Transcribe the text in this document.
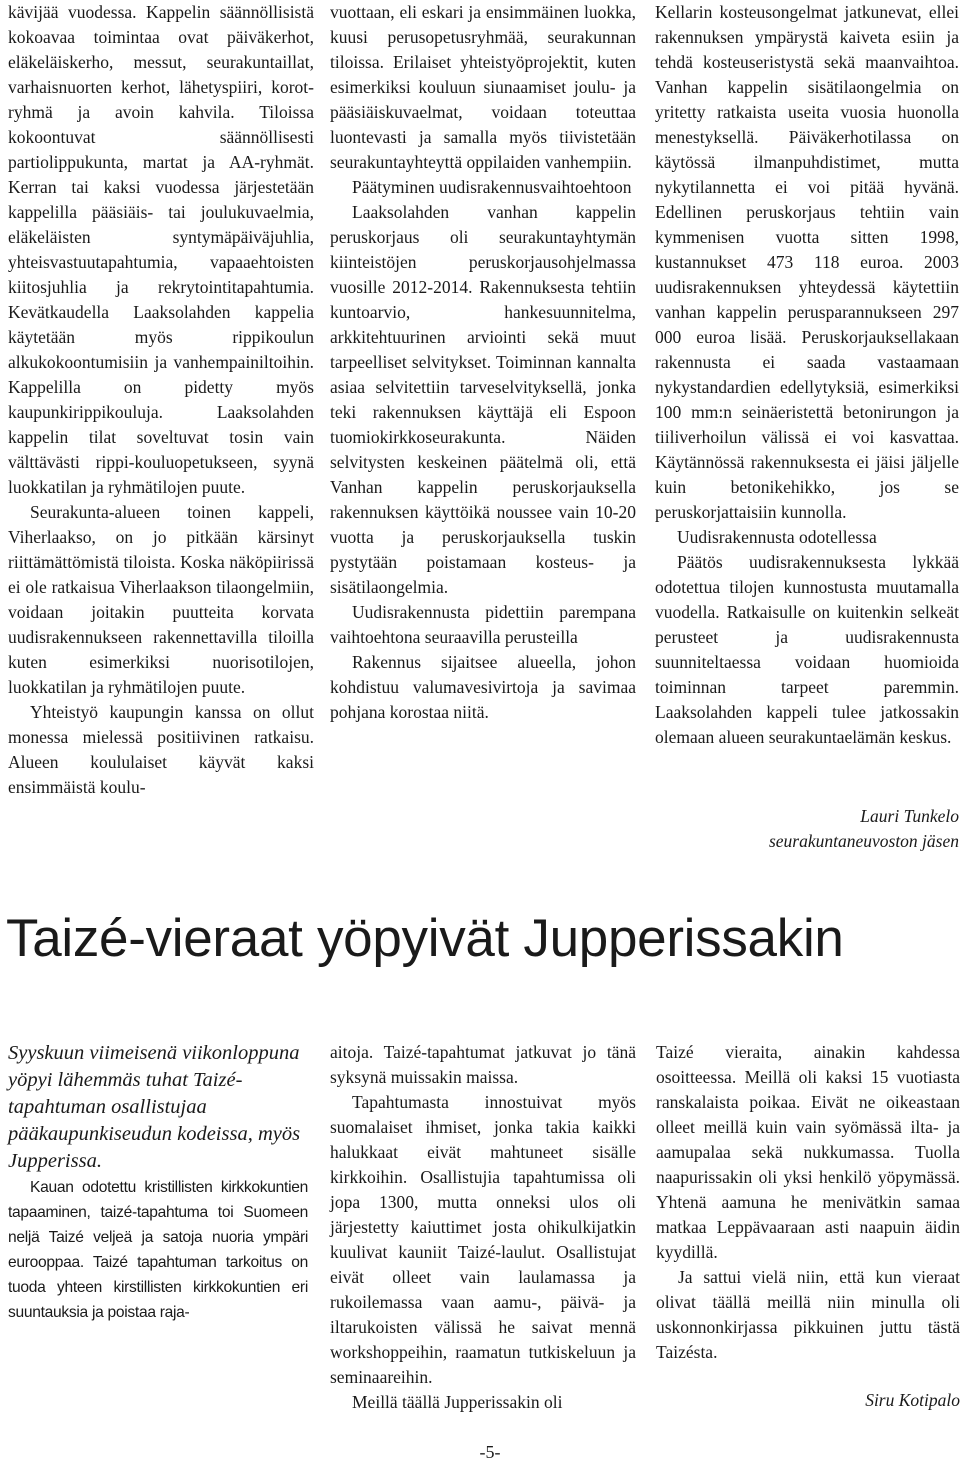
kävijää vuodessa. Kappelin säännöllisistä kokoavaa toimintaa ovat päiväkerhot, eläkeläiskerho, messut, seurakuntaillat, varhaisnuorten kerhot, lähetyspiiri, korot-ryhmä ja avoin kahvila. Tiloissa kokoontuvat säännöllisesti partiolippukunta, martat ja AA-ryhmät. Kerran tai kaksi vuodessa järjestetään kappelilla pääsiäis- tai joulukuvaelmia, eläkeläisten syntymäpäiväjuhlia, yhteisvastuutapahtumia, vapaaehtoisten kiitosjuhlia ja rekrytointitapahtumia. Kevätkaudella Laaksolahden kappelia käytetään myös rippikoulun alkukokoontumisiin ja vanhempainiltoihin. Kappelilla on pidetty myös kaupunkirippikouluja. Laaksolahden kappelin tilat soveltuvat tosin vain välttävästi rippi-kouluopetukseen, syynä luokkatilan ja ryhmätilojen puute.

Seurakunta-alueen toinen kappeli, Viherlaakso, on jo pitkään kärsinyt riittämättömistä tiloista. Koska näköpiirissä ei ole ratkaisua Viherlaakson tilaongelmiin, voidaan joitakin puutteita korvata uudisrakennukseen rakennettavilla tiloilla kuten esimerkiksi nuorisotilojen, luokkatilan ja ryhmätilojen puute.

Yhteistyö kaupungin kanssa on ollut monessa mielessä positiivinen ratkaisu. Alueen koululaiset käyvät kaksi ensimmäistä koulu-

vuottaan, eli eskari ja ensimmäinen luokka, kuusi perusopetusryhmää, seurakunnan tiloissa. Erilaiset yhteistyöprojektit, kuten esimerkiksi kouluun siunaamiset joulu- ja pääsiäiskuvaelmat, voidaan toteuttaa luontevasti ja samalla myös tiivistetään seurakuntayhteyttä oppilaiden vanhempiin.

Päätyminen uudisrakennusvaihtoehtoon

Laaksolahden vanhan kappelin peruskorjaus oli seurakuntayhtymän kiinteistöjen peruskorjausohjelmassa vuosille 2012-2014. Rakennuksesta tehtiin kuntoarvio, hankesuunnitelma, arkkitehtuurinen arviointi sekä muut tarpeelliset selvitykset. Toiminnan kannalta asiaa selvitettiin tarveselvityksellä, jonka teki rakennuksen käyttäjä eli Espoon tuomiokirkkoseurakunta. Näiden selvitysten keskeinen päätelmä oli, että Vanhan kappelin peruskorjauksella rakennuksen käyttöikä noussee vain 10-20 vuotta ja peruskorjauksella tuskin pystytään poistamaan kosteus- ja sisätilaongelmia.

Uudisrakennusta pidettiin parempana vaihtoehtona seuraavilla perusteilla

Rakennus sijaitsee alueella, johon kohdistuu valumavesivirtoja ja savimaa pohjana korostaa niitä.

Kellarin kosteusongelmat jatkunevat, ellei rakennuksen ympärystä kaiveta esiin ja tehdä kosteuseristystä sekä maanvaihtoa. Vanhan kappelin sisätilaongelmia on yritetty ratkaista useita vuosia huonolla menestyksellä. Päiväkerhotilassa on käytössä ilmanpuhdistimet, mutta nykytilannetta ei voi pitää hyvänä. Edellinen peruskorjaus tehtiin vain kymmenisen vuotta sitten 1998, kustannukset 473 118 euroa. 2003 uudisrakennuksen yhteydessä käytettiin vanhan kappelin perusparannukseen 297 000 euroa lisää. Peruskorjauksellakaan rakennusta ei saada vastaamaan nykystandardien edellytyksiä, esimerkiksi 100 mm:n seinäeristettä betonirungon ja tiiliverhoilun välissä ei voi kasvattaa. Käytännössä rakennuksesta ei jäisi jäljelle kuin betonikehikko, jos se peruskorjattaisiin kunnolla.

Uudisrakennusta odotellessa

Päätös uudisrakennuksesta lykkää odotettua tilojen kunnostusta muutamalla vuodella. Ratkaisulle on kuitenkin selkeät perusteet ja uudisrakennusta suunniteltaessa voidaan huomioida toiminnan tarpeet paremmin. Laaksolahden kappeli tulee jatkossakin olemaan alueen seurakuntaelämän keskus.

Lauri Tunkelo

seurakuntaneuvoston jäsen

Taizé-vieraat yöpyivät Jupperissakin

Syyskuun viimeisenä viikonloppuna yöpyi lähemmäs tuhat Taizé-tapahtuman osallistujaa pääkaupunkiseudun kodeissa, myös Jupperissa.

Kauan odotettu kristillisten kirkkokuntien tapaaminen, taizé-tapahtuma toi Suomeen neljä Taizé veljeä ja satoja nuoria ympäri eurooppaa. Taizé tapahtuman tarkoitus on tuoda yhteen kirstillisten kirkkokuntien eri suuntauksia ja poistaa raja-

aitoja. Taizé-tapahtumat jatkuvat jo tänä syksynä muissakin maissa.

Tapahtumasta innostuivat myös suomalaiset ihmiset, jonka takia kaikki halukkaat eivät mahtuneet sisälle kirkkoihin. Osallistujia tapahtumissa oli jopa 1300, mutta onneksi ulos oli järjestetty kaiuttimet josta ohikulkijatkin kuulivat kauniit Taizé-laulut. Osallistujat eivät olleet vain laulamassa ja rukoilemassa vaan aamu-, päivä- ja iltarukoisten välissä he saivat mennä workshoppeihin, raamatun tutkiskeluun ja seminaareihin.

Meillä täällä Jupperissakin oli

Taizé vieraita, ainakin kahdessa osoitteessa. Meillä oli kaksi 15 vuotiasta ranskalaista poikaa. Eivät ne oikeastaan olleet meillä kuin vain syömässä ilta- ja aamupalaa sekä nukkumassa. Tuolla naapurissakin oli yksi henkilö yöpymässä. Yhtenä aamuna he menivätkin samaa matkaa Leppävaaraan asti naapuin äidin kyydillä.

Ja sattui vielä niin, että kun vieraat olivat täällä meillä niin minulla oli uskonnonkirjassa pikkuinen juttu tästä Taizésta.

Siru Kotipalo

-5-
